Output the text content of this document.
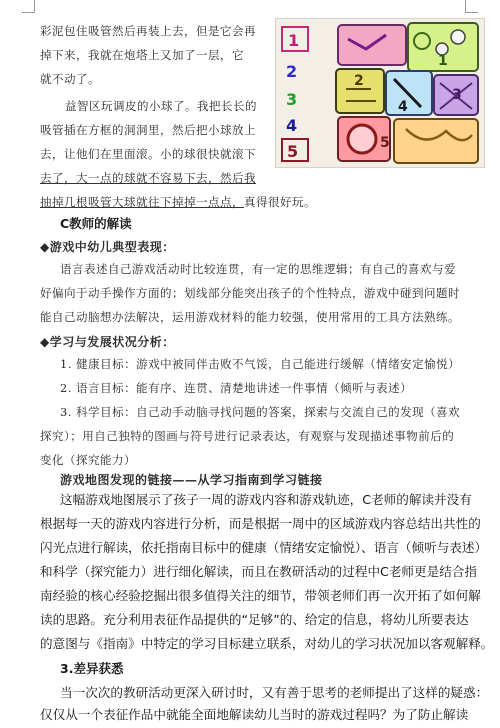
彩泥包住吸管然后再装上去，但是它会再
掉下来，我就在炮塔上又加了一层，它
就不动了。
益智区玩调皮的小球了。我把长长的
吸管插在方框的洞洞里，然后把小球放上
去，让他们在里面滚。小的球很快就滚下
去了，大一点的球就不容易下去，然后我
抽掉几根吸管大球就往下掉掉一点点，真得很好玩。
1
2
3
4
5
1
2
3
4
5
C教师的解读
◆游戏中幼儿典型表现：
语言表述自己游戏活动时比较连贯，有一定的思维逻辑；有自己的喜欢与爱
好偏向于动手操作方面的；划线部分能突出孩子的个性特点，游戏中碰到问题时
能自己动脑想办法解决，运用游戏材料的能力较强，使用常用的工具方法熟练。
◆学习与发展状况分析：
1. 健康目标：游戏中被同伴击败不气馁，自己能进行缓解（情绪安定愉悦）
2. 语言目标：能有序、连贯、清楚地讲述一件事情（倾听与表述）
3. 科学目标：自己动手动脑寻找问题的答案，探索与交流自己的发现（喜欢
探究）；用自己独特的图画与符号进行记录表达，有观察与发现描述事物前后的
变化（探究能力）
游戏地图发现的链接——从学习指南到学习链接
这幅游戏地图展示了孩子一周的游戏内容和游戏轨迹，C老师的解读并没有
根据每一天的游戏内容进行分析，而是根据一周中的区域游戏内容总结出共性的
闪光点进行解读，依托指南目标中的健康（情绪安定愉悦）、语言（倾听与表述）
和科学（探究能力）进行细化解读，而且在教研活动的过程中C老师更是结合指
南经验的核心经验挖掘出很多值得关注的细节，带领老师们再一次开拓了如何解
读的思路。充分利用表征作品提供的“足够”的、给定的信息，将幼儿所要表达
的意图与《指南》中特定的学习目标建立联系，对幼儿的学习状况加以客观解释。
3.差异获悉
当一次次的教研活动更深入研讨时，又有善于思考的老师提出了这样的疑惑：
仅仅从一个表征作品中就能全面地解读幼儿当时的游戏过程吗？为了防止解读
